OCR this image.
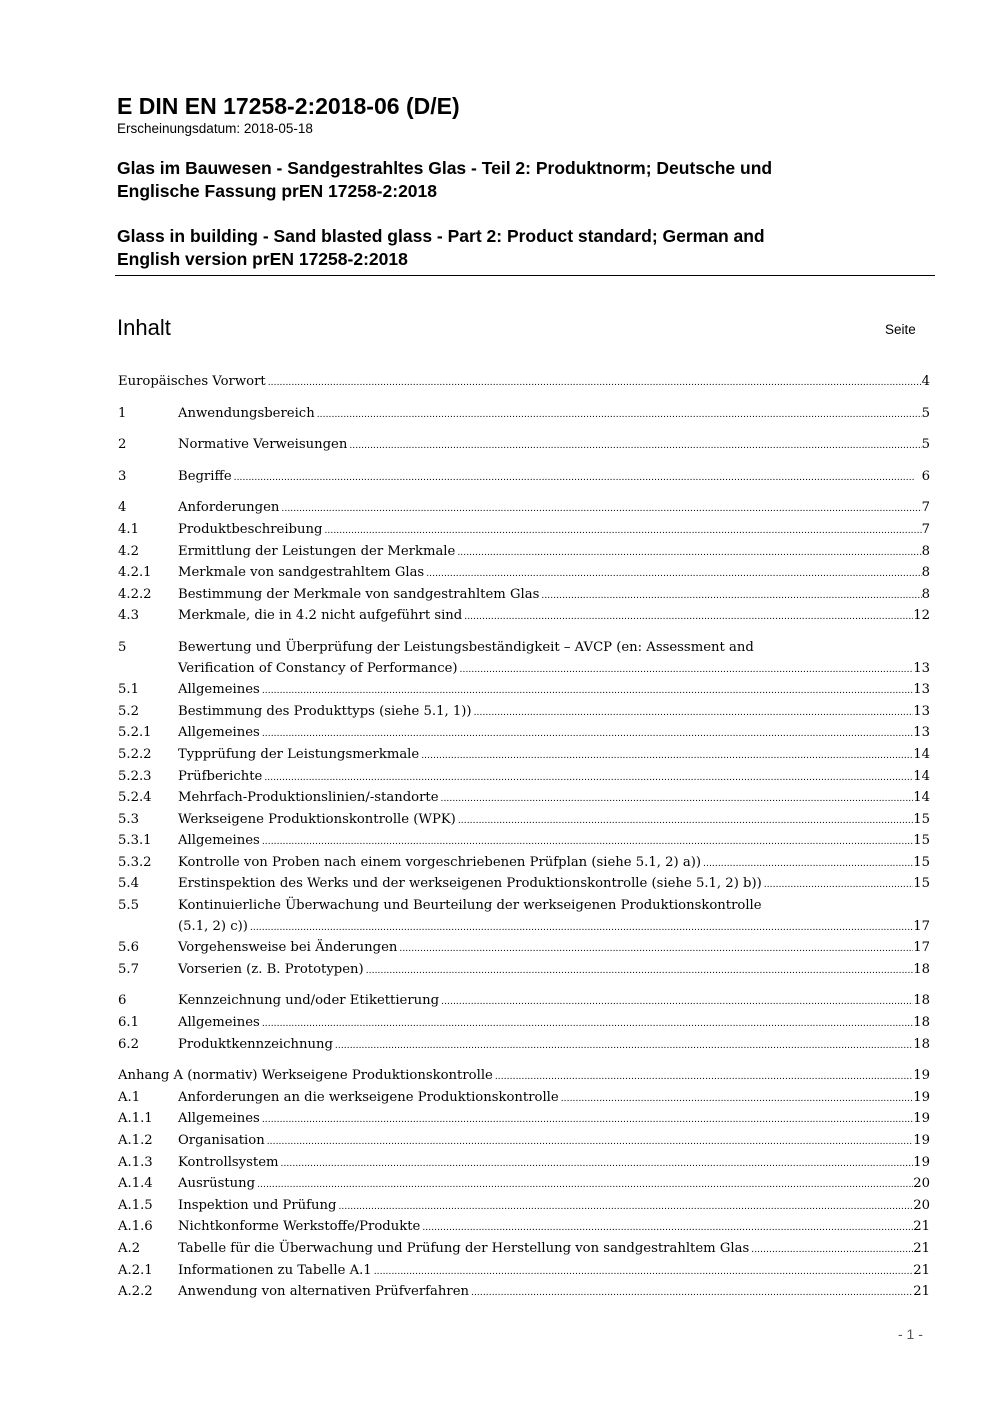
E DIN EN 17258-2:2018-06 (D/E)

Erscheinungsdatum: 2018-05-18

Glas im Bauwesen - Sandgestrahltes Glas - Teil 2: Produktnorm; Deutsche und
Englische Fassung prEN 17258-2:2018

Glass in building - Sand blasted glass - Part 2: Product standard; German and
English version prEN 17258-2:2018

Inhalt	Seite
Europäisches Vorwort .....	4
1	Anwendungsbereich .....	5
2	Normative Verweisungen .....	5
3	Begriffe .....	6
4	Anforderungen .....	7
4.1	Produktbeschreibung .....	7
4.2	Ermittlung der Leistungen der Merkmale .....	8
4.2.1	Merkmale von sandgestrahltem Glas .....	8
4.2.2	Bestimmung der Merkmale von sandgestrahltem Glas .....	8
4.3	Merkmale, die in 4.2 nicht aufgeführt sind .....	12
5	Bewertung und Überprüfung der Leistungsbeständigkeit – AVCP (en: Assessment and
Verification of Constancy of Performance) .....	13
5.1	Allgemeines .....	13
5.2	Bestimmung des Produkttyps (siehe 5.1, 1)) .....	13
5.2.1	Allgemeines .....	13
5.2.2	Typprüfung der Leistungsmerkmale .....	14
5.2.3	Prüfberichte .....	14
5.2.4	Mehrfach-Produktionslinien/-standorte .....	14
5.3	Werkseigene Produktionskontrolle (WPK) .....	15
5.3.1	Allgemeines .....	15
5.3.2	Kontrolle von Proben nach einem vorgeschriebenen Prüfplan (siehe 5.1, 2) a)) .....	15
5.4	Erstinspektion des Werks und der werkseigenen Produktionskontrolle (siehe 5.1, 2) b)) .....	15
5.5	Kontinuierliche Überwachung und Beurteilung der werkseigenen Produktionskontrolle
(5.1, 2) c)) .....	17
5.6	Vorgehensweise bei Änderungen .....	17
5.7	Vorserien (z. B. Prototypen) .....	18
6	Kennzeichnung und/oder Etikettierung .....	18
6.1	Allgemeines .....	18
6.2	Produktkennzeichnung .....	18
Anhang A (normativ) Werkseigene Produktionskontrolle .....	19
A.1	Anforderungen an die werkseigene Produktionskontrolle .....	19
A.1.1	Allgemeines .....	19
A.1.2	Organisation .....	19
A.1.3	Kontrollsystem .....	19
A.1.4	Ausrüstung .....	20
A.1.5	Inspektion und Prüfung .....	20
A.1.6	Nichtkonforme Werkstoffe/Produkte .....	21
A.2	Tabelle für die Überwachung und Prüfung der Herstellung von sandgestrahltem Glas .....	21
A.2.1	Informationen zu Tabelle A.1 .....	21
A.2.2	Anwendung von alternativen Prüfverfahren .....	21
- 1 -
